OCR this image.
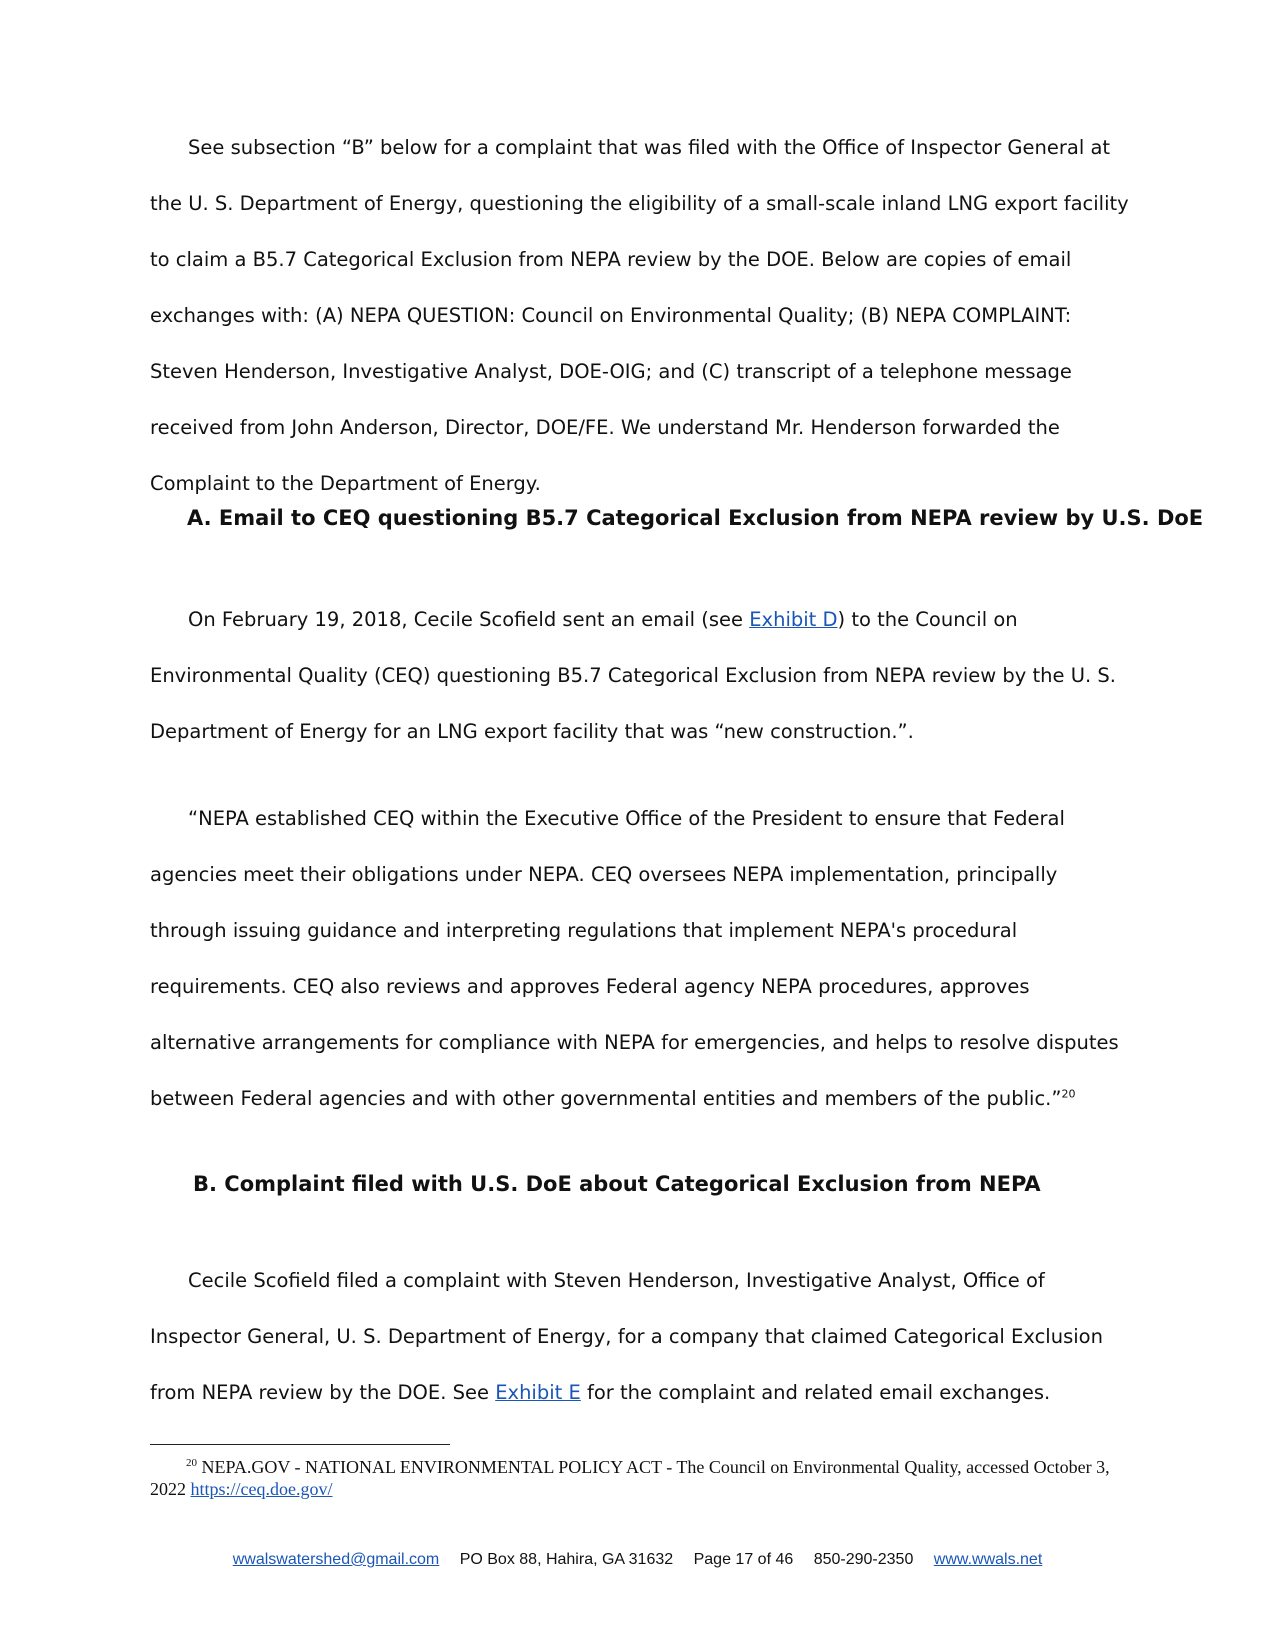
See subsection “B” below for a complaint that was filed with the Office of Inspector General at the U. S. Department of Energy, questioning the eligibility of a small-scale inland LNG export facility to claim a B5.7 Categorical Exclusion from NEPA review by the DOE. Below are copies of email exchanges with: (A) NEPA QUESTION: Council on Environmental Quality; (B) NEPA COMPLAINT: Steven Henderson, Investigative Analyst, DOE-OIG; and (C) transcript of a telephone message received from John Anderson, Director, DOE/FE. We understand Mr. Henderson forwarded the Complaint to the Department of Energy.

A. Email to CEQ questioning B5.7 Categorical Exclusion from NEPA review by U.S. DoE

On February 19, 2018, Cecile Scofield sent an email (see Exhibit D) to the Council on Environmental Quality (CEQ) questioning B5.7 Categorical Exclusion from NEPA review by the U. S. Department of Energy for an LNG export facility that was “new construction.”.

“NEPA established CEQ within the Executive Office of the President to ensure that Federal agencies meet their obligations under NEPA. CEQ oversees NEPA implementation, principally through issuing guidance and interpreting regulations that implement NEPA's procedural requirements. CEQ also reviews and approves Federal agency NEPA procedures, approves alternative arrangements for compliance with NEPA for emergencies, and helps to resolve disputes between Federal agencies and with other governmental entities and members of the public.”$^{20}$

B. Complaint filed with U.S. DoE about Categorical Exclusion from NEPA

Cecile Scofield filed a complaint with Steven Henderson, Investigative Analyst, Office of Inspector General, U. S. Department of Energy, for a company that claimed Categorical Exclusion from NEPA review by the DOE. See Exhibit E for the complaint and related email exchanges.

$^{20}$ NEPA.GOV - NATIONAL ENVIRONMENTAL POLICY ACT - The Council on Environmental Quality, accessed October 3, 2022 https://ceq.doe.gov/

wwalswatershed@gmail.com PO Box 88, Hahira, GA 31632 Page 17 of 46 850-290-2350 www.wwals.net
